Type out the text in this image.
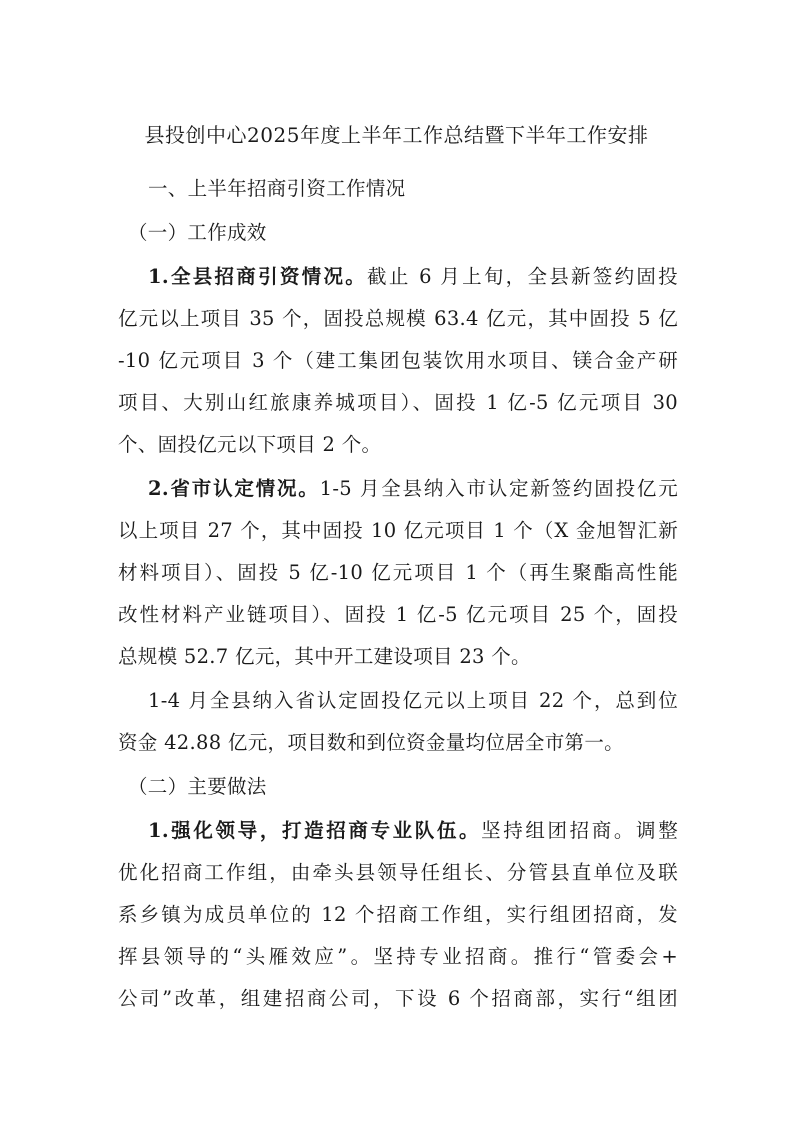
县投创中心2025年度上半年工作总结暨下半年工作安排
一、上半年招商引资工作情况
（一）工作成效
1.全县招商引资情况。截止 6 月上旬，全县新签约固投
亿元以上项目 35 个，固投总规模 63.4 亿元，其中固投 5 亿
-10 亿元项目 3 个（建工集团包装饮用水项目、镁合金产研
项目、大别山红旅康养城项目）、固投 1 亿-5 亿元项目 30
个、固投亿元以下项目 2 个。
2.省市认定情况。1-5 月全县纳入市认定新签约固投亿元
以上项目 27 个，其中固投 10 亿元项目 1 个（X 金旭智汇新
材料项目）、固投 5 亿-10 亿元项目 1 个（再生聚酯高性能
改性材料产业链项目）、固投 1 亿-5 亿元项目 25 个，固投
总规模 52.7 亿元，其中开工建设项目 23 个。
1-4 月全县纳入省认定固投亿元以上项目 22 个，总到位
资金 42.88 亿元，项目数和到位资金量均位居全市第一。
（二）主要做法
1.强化领导，打造招商专业队伍。坚持组团招商。调整
优化招商工作组，由牵头县领导任组长、分管县直单位及联
系乡镇为成员单位的 12 个招商工作组，实行组团招商，发
挥县领导的“头雁效应”。坚持专业招商。推行“管委会+
公司”改革，组建招商公司，下设 6 个招商部，实行“组团
